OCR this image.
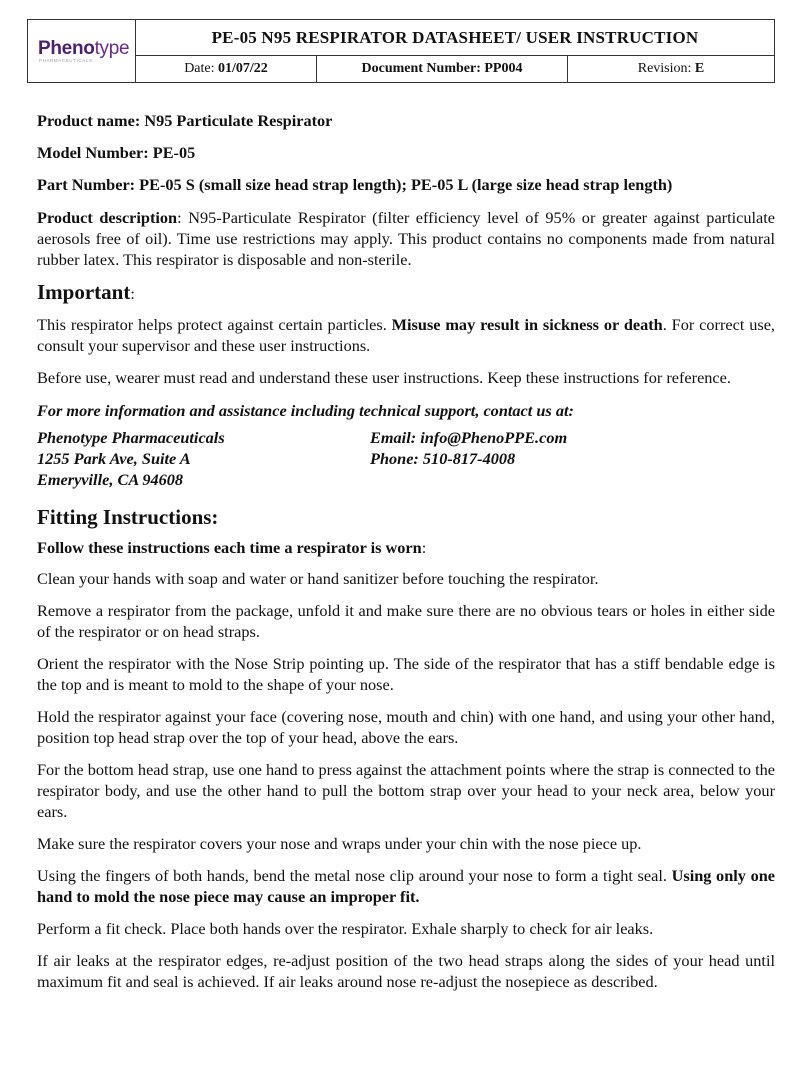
Phenotype
PHARMACEUTICALS
PE-05 N95 RESPIRATOR DATASHEET/ USER INSTRUCTION
Date:
01/07/22	Document Number:
PP004	Revision:
E

Product name: N95 Particulate Respirator

Model Number: PE-05

Part Number: PE-05 S (small size head strap length); PE-05 L (large size head strap length)

Product description: N95-Particulate Respirator (filter efficiency level of 95% or greater against particulate aerosols free of oil). Time use restrictions may apply. This product contains no components made from natural rubber latex. This respirator is disposable and non-sterile.

Important:

This respirator helps protect against certain particles. Misuse may result in sickness or death. For correct use, consult your supervisor and these user instructions.

Before use, wearer must read and understand these user instructions. Keep these instructions for reference.

For more information and assistance including technical support, contact us at:

Phenotype Pharmaceuticals
1255 Park Ave, Suite A
Emeryville, CA 94608
Email: info@PhenoPPE.com
Phone: 510-817-4008

Fitting Instructions:

Follow these instructions each time a respirator is worn:

Clean your hands with soap and water or hand sanitizer before touching the respirator.

Remove a respirator from the package, unfold it and make sure there are no obvious tears or holes in either side of the respirator or on head straps.

Orient the respirator with the Nose Strip pointing up. The side of the respirator that has a stiff bendable edge is the top and is meant to mold to the shape of your nose.

Hold the respirator against your face (covering nose, mouth and chin) with one hand, and using your other hand, position top head strap over the top of your head, above the ears.

For the bottom head strap, use one hand to press against the attachment points where the strap is connected to the respirator body, and use the other hand to pull the bottom strap over your head to your neck area, below your ears.

Make sure the respirator covers your nose and wraps under your chin with the nose piece up.

Using the fingers of both hands, bend the metal nose clip around your nose to form a tight seal. Using only one hand to mold the nose piece may cause an improper fit.

Perform a fit check. Place both hands over the respirator. Exhale sharply to check for air leaks.

If air leaks at the respirator edges, re-adjust position of the two head straps along the sides of your head until maximum fit and seal is achieved. If air leaks around nose re-adjust the nosepiece as described.
